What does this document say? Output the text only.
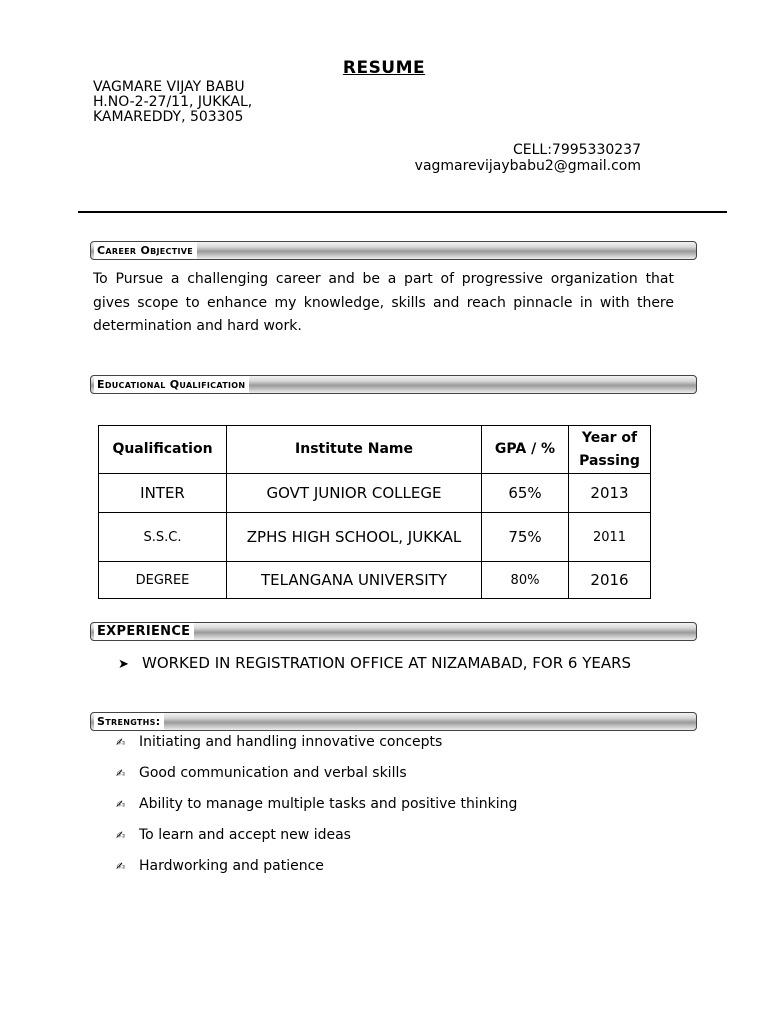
RESUME
VAGMARE VIJAY BABU
H.NO-2-27/11, JUKKAL,
KAMAREDDY, 503305
CELL:7995330237
vagmarevijaybabu2@gmail.com
Career Objective
To Pursue a challenging career and be a part of progressive organization that gives scope to enhance my knowledge, skills and reach pinnacle in with there determination and hard work.
Educational Qualification
Qualification	Institute Name	GPA / %	Year of Passing
INTER	GOVT JUNIOR COLLEGE	65%	2013
S.S.C.	ZPHS HIGH SCHOOL, JUKKAL	75%	2011
DEGREE	TELANGANA UNIVERSITY	80%	2016
EXPERIENCE
➤ WORKED IN REGISTRATION OFFICE AT NIZAMABAD, FOR 6 YEARS
Strengths:
✍ Initiating and handling innovative concepts
✍ Good communication and verbal skills
✍ Ability to manage multiple tasks and positive thinking
✍ To learn and accept new ideas
✍ Hardworking and patience
